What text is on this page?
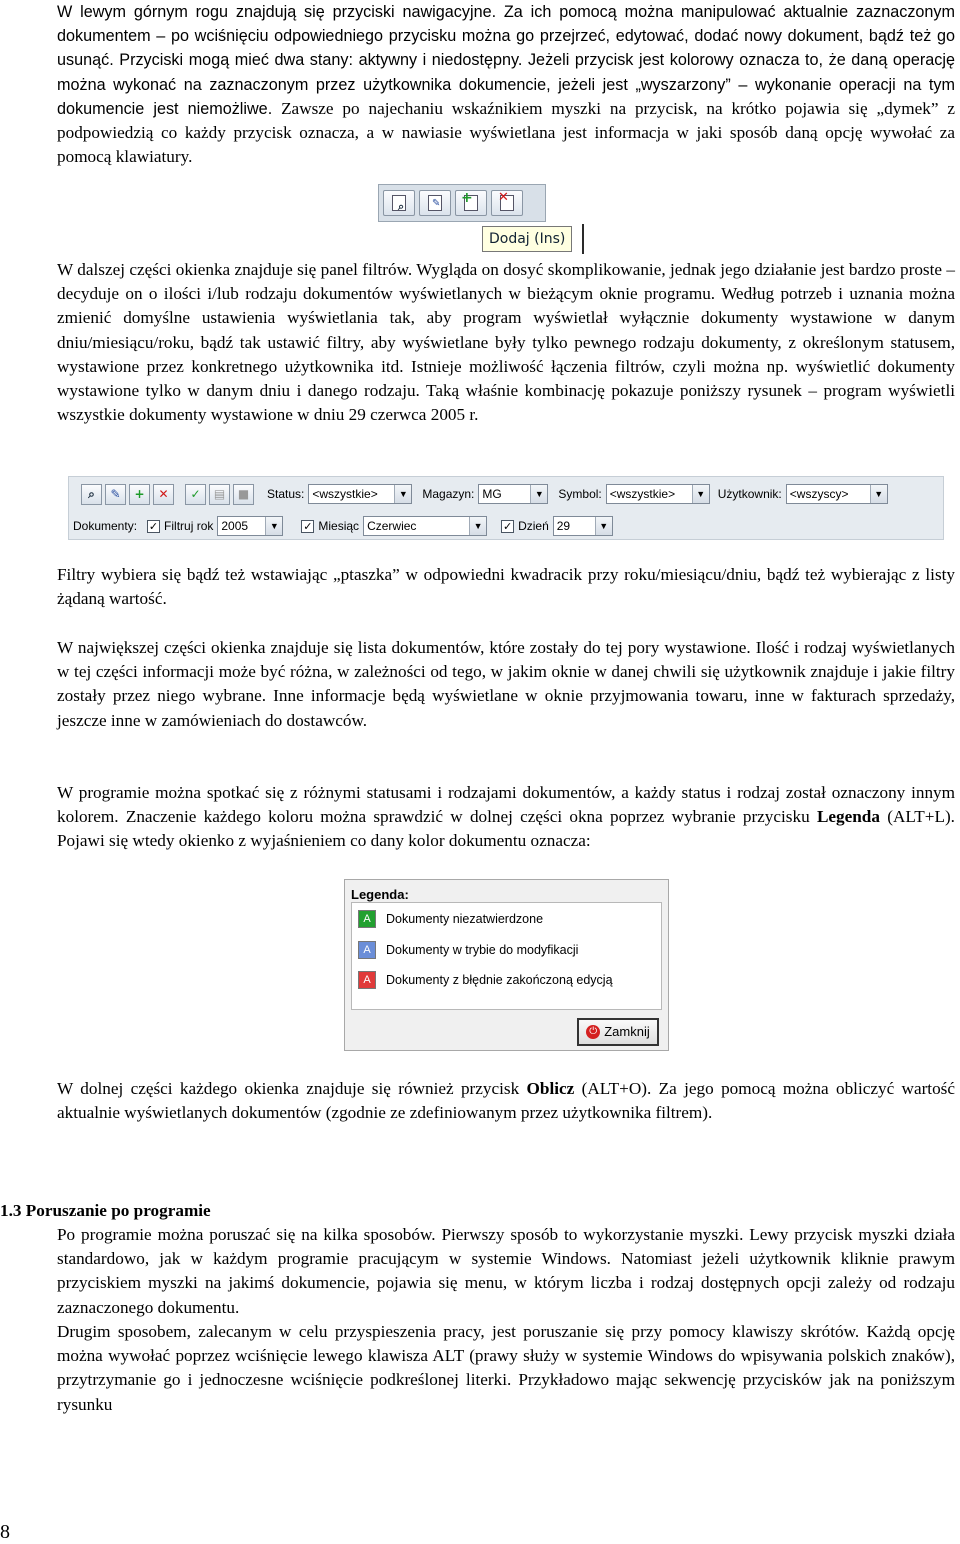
W lewym górnym rogu znajdują się przyciski nawigacyjne. Za ich pomocą można manipulować aktualnie zaznaczonym dokumentem – po wciśnięciu odpowiedniego przycisku można go przejrzeć, edytować, dodać nowy dokument, bądź też go usunąć. Przyciski mogą mieć dwa stany: aktywny i niedostępny. Jeżeli przycisk jest kolorowy oznacza to, że daną operację można wykonać na zaznaczonym przez użytkownika dokumencie, jeżeli jest „wyszarzony” – wykonanie operacji na tym dokumencie jest niemożliwe. Zawsze po najechaniu wskaźnikiem myszki na przycisk, na krótko pojawia się „dymek” z podpowiedzią co każdy przycisk oznacza, a w nawiasie wyświetlana jest informacja w jaki sposób daną opcję wywołać za pomocą klawiatury.

⌕	✎ + ✕
Dodaj (Ins)

W dalszej części okienka znajduje się panel filtrów. Wygląda on dosyć skomplikowanie, jednak jego działanie jest bardzo proste – decyduje on o ilości i/lub rodzaju dokumentów wyświetlanych w bieżącym oknie programu. Według potrzeb i uznania można zmienić domyślne ustawienia wyświetlania tak, aby program wyświetlał wyłącznie dokumenty wystawione w danym dniu/miesiącu/roku, bądź tak ustawić filtry, aby wyświetlane były tylko pewnego rodzaju dokumenty, z określonym statusem, wystawione przez konkretnego użytkownika itd. Istnieje możliwość łączenia filtrów, czyli można np. wyświetlić dokumenty wystawione tylko w danym dniu i danego rodzaju. Taką właśnie kombinację pokazuje poniższy rysunek – program wyświetli wszystkie dokumenty wystawione w dniu 29 czerwca 2005 r.

⌕	✎	+	✕	✓	▤	■	Status: <wszystkie>	▼ Magazyn: MG	▼ Symbol: <wszystkie>	▼ Użytkownik: <wszyscy>	▼
Dokumenty: ✓ Filtruj rok 2005	▼	✓ Miesiąc Czerwiec	▼	✓ Dzień 29	▼

Filtry wybiera się bądź też wstawiając „ptaszka” w odpowiedni kwadracik przy roku/miesiącu/dniu, bądź też wybierając z listy żądaną wartość.

W największej części okienka znajduje się lista dokumentów, które zostały do tej pory wystawione. Ilość i rodzaj wyświetlanych w tej części informacji może być różna, w zależności od tego, w jakim oknie w danej chwili się użytkownik znajduje i jakie filtry zostały przez niego wybrane. Inne informacje będą wyświetlane w oknie przyjmowania towaru, inne w fakturach sprzedaży, jeszcze inne w zamówieniach do dostawców.

W programie można spotkać się z różnymi statusami i rodzajami dokumentów, a każdy status i rodzaj został oznaczony innym kolorem. Znaczenie każdego koloru można sprawdzić w dolnej części okna poprzez wybranie przycisku Legenda (ALT+L). Pojawi się wtedy okienko z wyjaśnieniem co dany kolor dokumentu oznacza:

Legenda:
A	Dokumenty niezatwierdzone
A	Dokumenty w trybie do modyfikacji
A	Dokumenty z błędnie zakończoną edycją
⏻ Zamknij

W dolnej części każdego okienka znajduje się również przycisk Oblicz (ALT+O). Za jego pomocą można obliczyć wartość aktualnie wyświetlanych dokumentów (zgodnie ze zdefiniowanym przez użytkownika filtrem).

1.3 Poruszanie po programie

Po programie można poruszać się na kilka sposobów. Pierwszy sposób to wykorzystanie myszki. Lewy przycisk myszki działa standardowo, jak w każdym programie pracującym w systemie Windows. Natomiast jeżeli użytkownik kliknie prawym przyciskiem myszki na jakimś dokumencie, pojawia się menu, w którym liczba i rodzaj dostępnych opcji zależy od rodzaju zaznaczonego dokumentu.

Drugim sposobem, zalecanym w celu przyspieszenia pracy, jest poruszanie się przy pomocy klawiszy skrótów. Każdą opcję można wywołać poprzez wciśnięcie lewego klawisza ALT (prawy służy w systemie Windows do wpisywania polskich znaków), przytrzymanie go i jednoczesne wciśnięcie podkreślonej literki. Przykładowo mając sekwencję przycisków jak na poniższym rysunku

8
